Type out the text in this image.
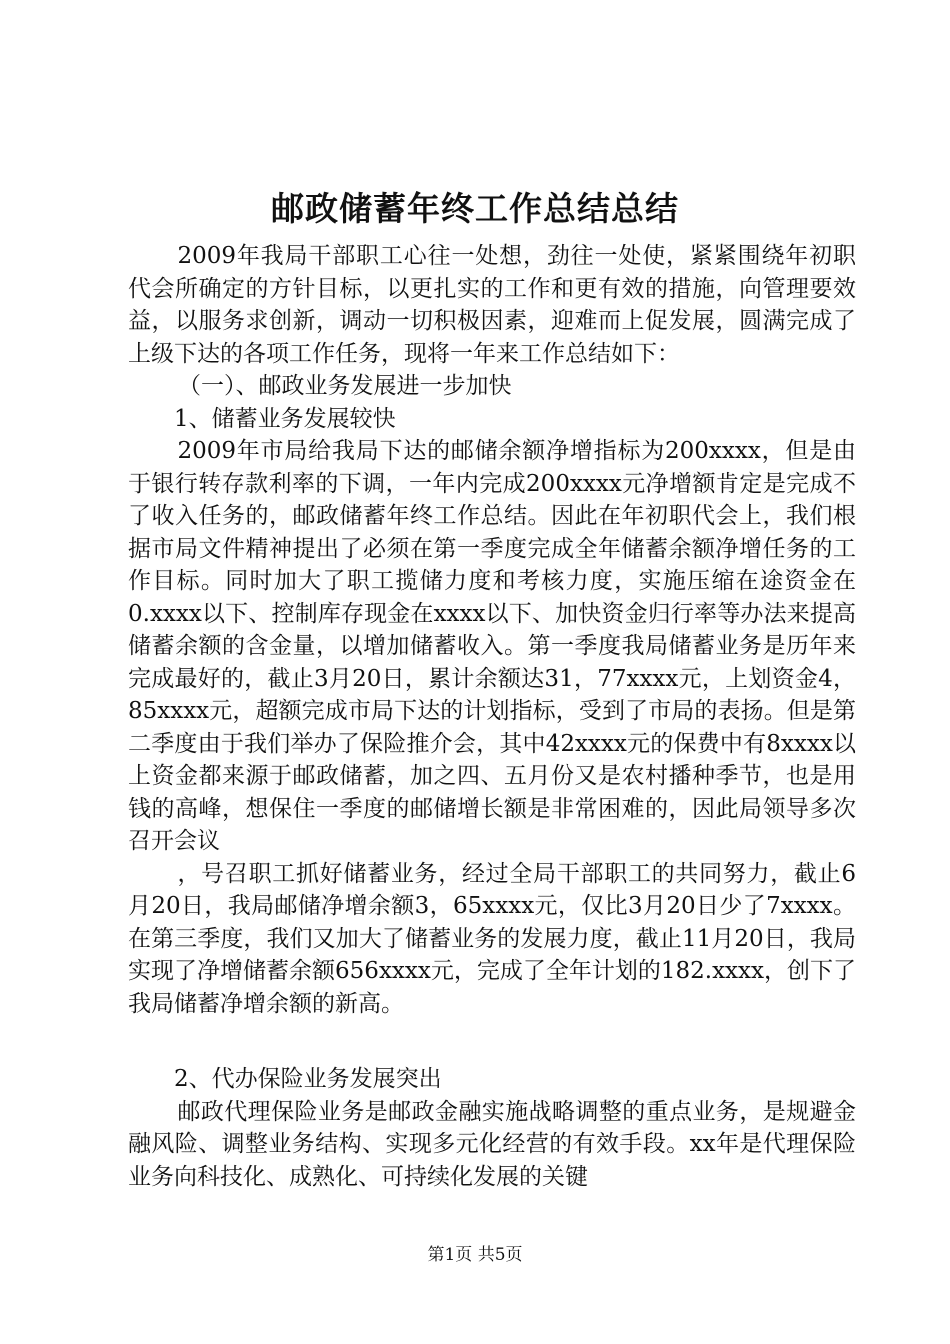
邮政储蓄年终工作总结总结

2009年我局干部职工心往一处想，劲往一处使，紧紧围绕年初职代会所确定的方针目标，以更扎实的工作和更有效的措施，向管理要效益，以服务求创新，调动一切积极因素，迎难而上促发展，圆满完成了上级下达的各项工作任务，现将一年来工作总结如下：

（一）、邮政业务发展进一步加快

1、储蓄业务发展较快

2009年市局给我局下达的邮储余额净增指标为200xxxx，但是由于银行转存款利率的下调，一年内完成200xxxx元净增额肯定是完成不了收入任务的，邮政储蓄年终工作总结。因此在年初职代会上，我们根据市局文件精神提出了必须在第一季度完成全年储蓄余额净增任务的工作目标。同时加大了职工揽储力度和考核力度，实施压缩在途资金在0.xxxx以下、控制库存现金在xxxx以下、加快资金归行率等办法来提高储蓄余额的含金量，以增加储蓄收入。第一季度我局储蓄业务是历年来完成最好的，截止3月20日，累计余额达31，77xxxx元，上划资金4，85xxxx元，超额完成市局下达的计划指标，受到了市局的表扬。但是第二季度由于我们举办了保险推介会，其中42xxxx元的保费中有8xxxx以上资金都来源于邮政储蓄，加之四、五月份又是农村播种季节，也是用钱的高峰，想保住一季度的邮储增长额是非常困难的，因此局领导多次召开会议

，号召职工抓好储蓄业务，经过全局干部职工的共同努力，截止6月20日，我局邮储净增余额3，65xxxx元，仅比3月20日少了7xxxx。在第三季度，我们又加大了储蓄业务的发展力度，截止11月20日，我局实现了净增储蓄余额656xxxx元，完成了全年计划的182.xxxx，创下了我局储蓄净增余额的新高。

2、代办保险业务发展突出

邮政代理保险业务是邮政金融实施战略调整的重点业务，是规避金融风险、调整业务结构、实现多元化经营的有效手段。xx年是代理保险业务向科技化、成熟化、可持续化发展的关键

第1页 共5页
